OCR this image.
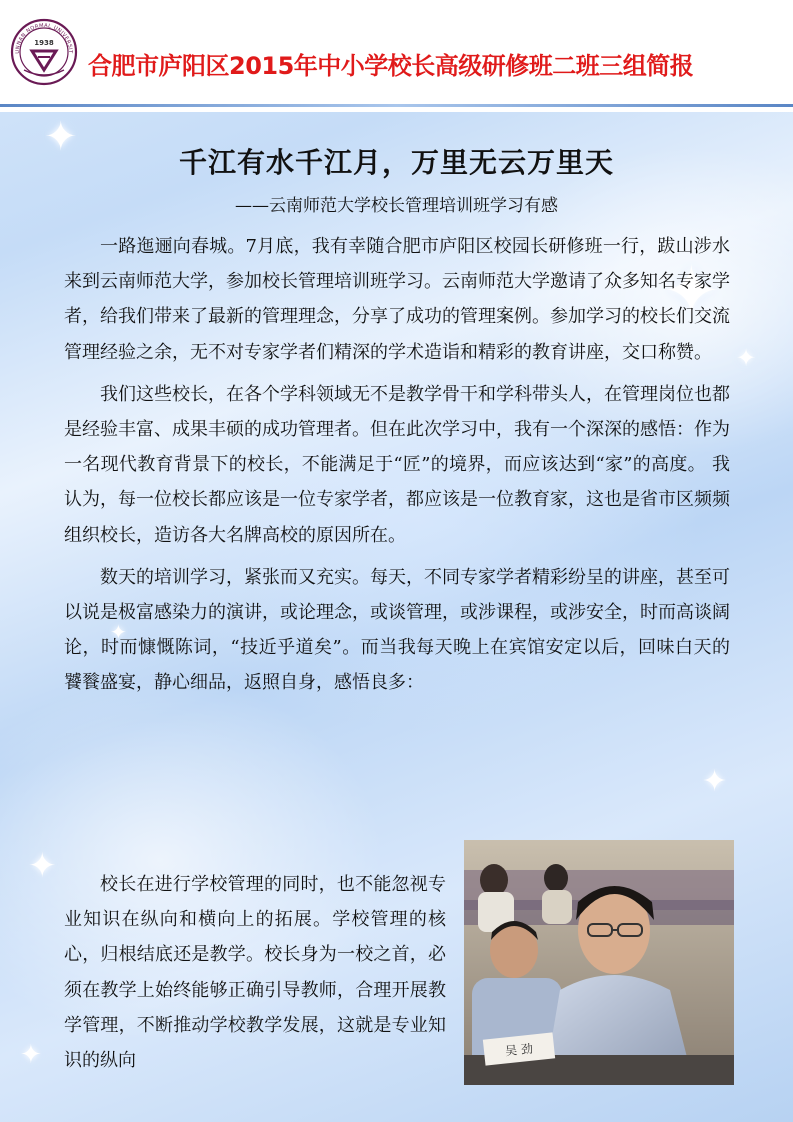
✦
✦
✦
✦
✦
✦
✦
UNNAN NORMAL UNIVERSIT
1938
合肥市庐阳区2015年中小学校长高级研修班二班三组简报
千江有水千江月，万里无云万里天
——云南师范大学校长管理培训班学习有感

一路迤逦向春城。7月底，我有幸随合肥市庐阳区校园长研修班一行，跋山涉水来到云南师范大学，参加校长管理培训班学习。云南师范大学邀请了众多知名专家学者，给我们带来了最新的管理理念，分享了成功的管理案例。参加学习的校长们交流管理经验之余，无不对专家学者们精深的学术造诣和精彩的教育讲座，交口称赞。

我们这些校长，在各个学科领域无不是教学骨干和学科带头人，在管理岗位也都是经验丰富、成果丰硕的成功管理者。但在此次学习中，我有一个深深的感悟：作为一名现代教育背景下的校长，不能满足于“匠”的境界，而应该达到“家”的高度。 我认为，每一位校长都应该是一位专家学者，都应该是一位教育家，这也是省市区频频组织校长，造访各大名牌高校的原因所在。

数天的培训学习，紧张而又充实。每天，不同专家学者精彩纷呈的讲座，甚至可以说是极富感染力的演讲，或论理念，或谈管理，或涉课程，或涉安全，时而高谈阔论，时而慷慨陈词，“技近乎道矣”。而当我每天晚上在宾馆安定以后，回味白天的饕餮盛宴，静心细品，返照自身，感悟良多：

校长在进行学校管理的同时，也不能忽视专业知识在纵向和横向上的拓展。学校管理的核心，归根结底还是教学。校长身为一校之首，必须在教学上始终能够正确引导教师，合理开展教学管理，不断推动学校教学发展，这就是专业知识的纵向

吴 劲
